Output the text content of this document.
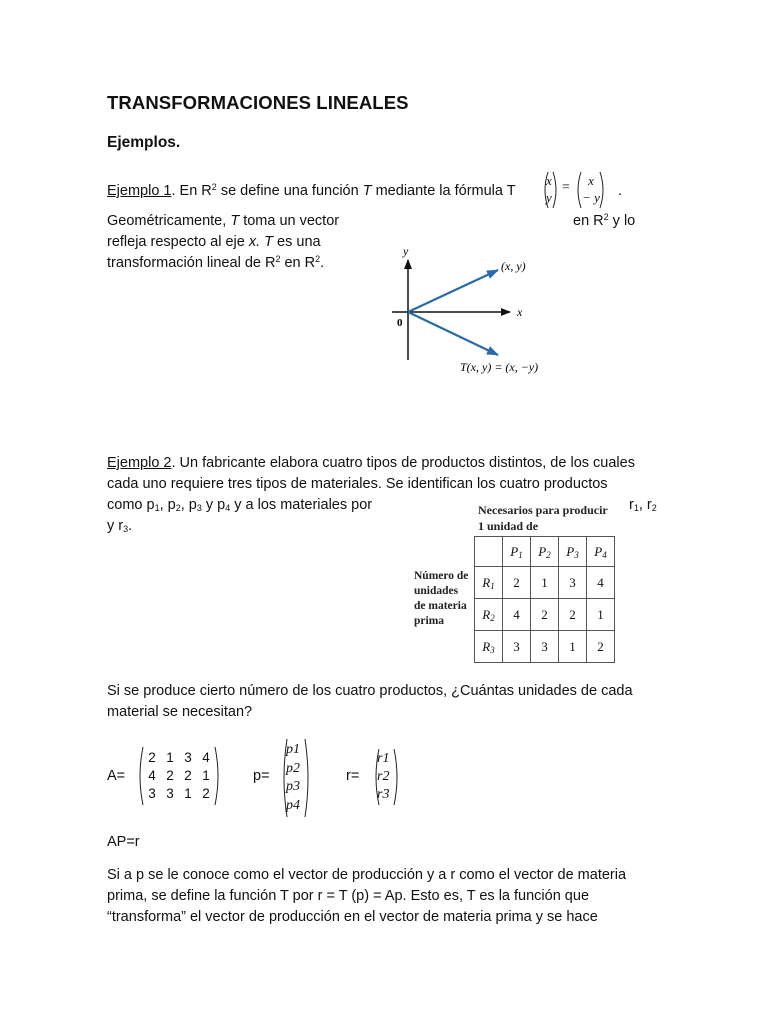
TRANSFORMACIONES LINEALES
Ejemplos.
Ejemplo 1. En $R^2$ se define una función T mediante la fórmula T
x
y
=	x
− y .
Geométricamente, T toma un vector	en $R^2$ y lo
refleja respecto al eje x. T es una
transformación lineal de $R^2$ en $R^2$.
y
x
0
(x, y)
T(x, y) = (x, −y)
Ejemplo 2. Un fabricante elabora cuatro tipos de productos distintos, de los cuales
cada uno requiere tres tipos de materiales. Se identifican los cuatro productos
como $p_1$, $p_2$, $p_3$ y $p_4$ y a los materiales por	$r_1$, $r_2$
y $r_3$.
Necesarios para producir
1 unidad de
Número de
unidades
de materia
prima
	$P_1$	$P_2$	$P_3$	$P_4$
$R_1$	2	1	3	4
$R_2$	4	2	2	1
$R_3$	3	3	1	2
Si se produce cierto número de los cuatro productos, ¿Cuántas unidades de cada
material se necesitan?
A=
2 1 3 4
4 2 2 1
3 3 1 2
p=
p1
p2
p3
p4
r=
r1
r2
r3
AP=r
Si a p se le conoce como el vector de producción y a r como el vector de materia
prima, se define la función T por r = T (p) = Ap. Esto es, T es la función que
“transforma” el vector de producción en el vector de materia prima y se hace
